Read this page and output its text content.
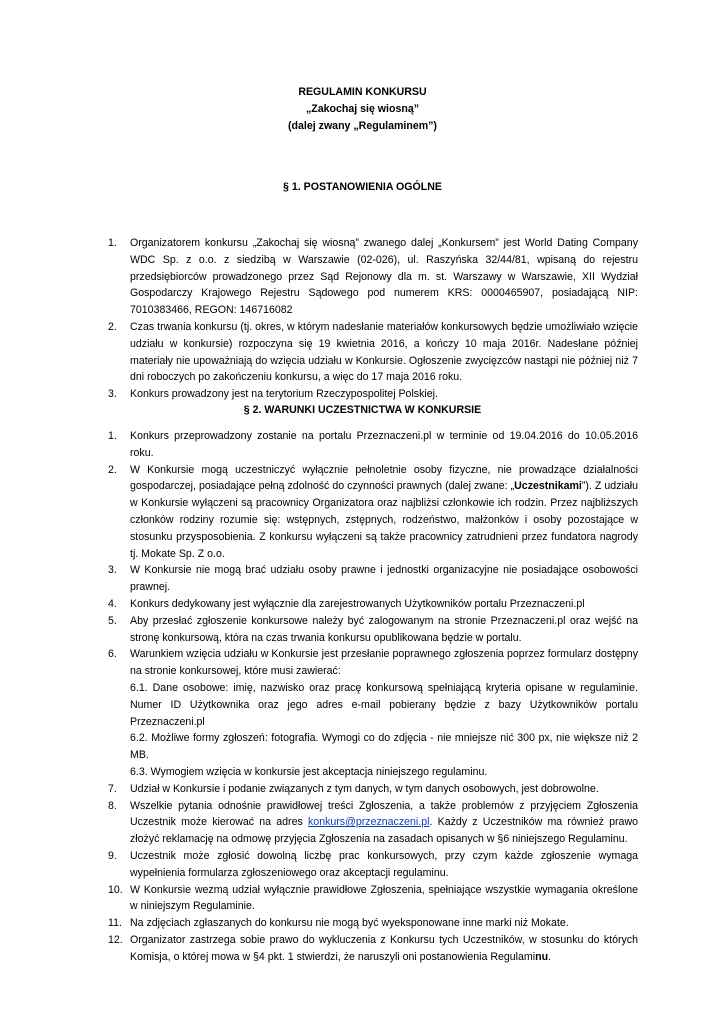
REGULAMIN KONKURSU
„Zakochaj się wiosną”
(dalej zwany „Regulaminem”)
§ 1. POSTANOWIENIA OGÓLNE
1. Organizatorem konkursu „Zakochaj się wiosną” zwanego dalej „Konkursem” jest World Dating Company WDC Sp. z o.o. z siedzibą w Warszawie (02-026), ul. Raszyńska 32/44/81, wpisaną do rejestru przedsiębiorców prowadzonego przez Sąd Rejonowy dla m. st. Warszawy w Warszawie, XII Wydział Gospodarczy Krajowego Rejestru Sądowego pod numerem KRS: 0000465907, posiadającą NIP: 7010383466, REGON: 146716082
2. Czas trwania konkursu (tj. okres, w którym nadesłanie materiałów konkursowych będzie umożliwiało wzięcie udziału w konkursie) rozpoczyna się 19 kwietnia 2016, a kończy 10 maja 2016r. Nadesłane później materiały nie upoważniają do wzięcia udziału w Konkursie. Ogłoszenie zwycięzców nastąpi nie później niż 7 dni roboczych po zakończeniu konkursu, a więc do 17 maja 2016 roku.
3. Konkurs prowadzony jest na terytorium Rzeczypospolitej Polskiej.
§ 2. WARUNKI UCZESTNICTWA W KONKURSIE
1. Konkurs przeprowadzony zostanie na portalu Przeznaczeni.pl w terminie od 19.04.2016 do 10.05.2016 roku.
2. W Konkursie mogą uczestniczyć wyłącznie pełnoletnie osoby fizyczne, nie prowadzące działalności gospodarczej, posiadające pełną zdolność do czynności prawnych (dalej zwane: „Uczestnikami”). Z udziału w Konkursie wyłączeni są pracownicy Organizatora oraz najbliżsi członkowie ich rodzin. Przez najbliższych członków rodziny rozumie się: wstępnych, zstępnych, rodzeństwo, małżonków i osoby pozostające w stosunku przysposobienia. Z konkursu wyłączeni są także pracownicy zatrudnieni przez fundatora nagrody tj. Mokate Sp. Z o.o.
3. W Konkursie nie mogą brać udziału osoby prawne i jednostki organizacyjne nie posiadające osobowości prawnej.
4. Konkurs dedykowany jest wyłącznie dla zarejestrowanych Użytkowników portalu Przeznaczeni.pl
5. Aby przesłać zgłoszenie konkursowe należy być zalogowanym na stronie Przeznaczeni.pl oraz wejść na stronę konkursową, która na czas trwania konkursu opublikowana będzie w portalu.
6. Warunkiem wzięcia udziału w Konkursie jest przesłanie poprawnego zgłoszenia poprzez formularz dostępny na stronie konkursowej, które musi zawierać:
6.1. Dane osobowe: imię, nazwisko oraz pracę konkursową spełniającą kryteria opisane w regulaminie. Numer ID Użytkownika oraz jego adres e-mail pobierany będzie z bazy Użytkowników portalu Przeznaczeni.pl
6.2. Możliwe formy zgłoszeń: fotografia. Wymogi co do zdjęcia - nie mniejsze nić 300 px, nie większe niż 2 MB.
6.3. Wymogiem wzięcia w konkursie jest akceptacja niniejszego regulaminu.
7. Udział w Konkursie i podanie związanych z tym danych, w tym danych osobowych, jest dobrowolne.
8. Wszelkie pytania odnośnie prawidłowej treści Zgłoszenia, a także problemów z przyjęciem Zgłoszenia Uczestnik może kierować na adres konkurs@przeznaczeni.pl. Każdy z Uczestników ma również prawo złożyć reklamację na odmowę przyjęcia Zgłoszenia na zasadach opisanych w §6 niniejszego Regulaminu.
9. Uczestnik może zgłosić dowolną liczbę prac konkursowych, przy czym każde zgłoszenie wymaga wypełnienia formularza zgłoszeniowego oraz akceptacji regulaminu.
10. W Konkursie wezmą udział wyłącznie prawidłowe Zgłoszenia, spełniające wszystkie wymagania określone w niniejszym Regulaminie.
11. Na zdjęciach zgłaszanych do konkursu nie mogą być wyeksponowane inne marki niż Mokate.
12. Organizator zastrzega sobie prawo do wykluczenia z Konkursu tych Uczestników, w stosunku do których Komisja, o której mowa w §4 pkt. 1 stwierdzi, że naruszyli oni postanowienia Regulaminu.
